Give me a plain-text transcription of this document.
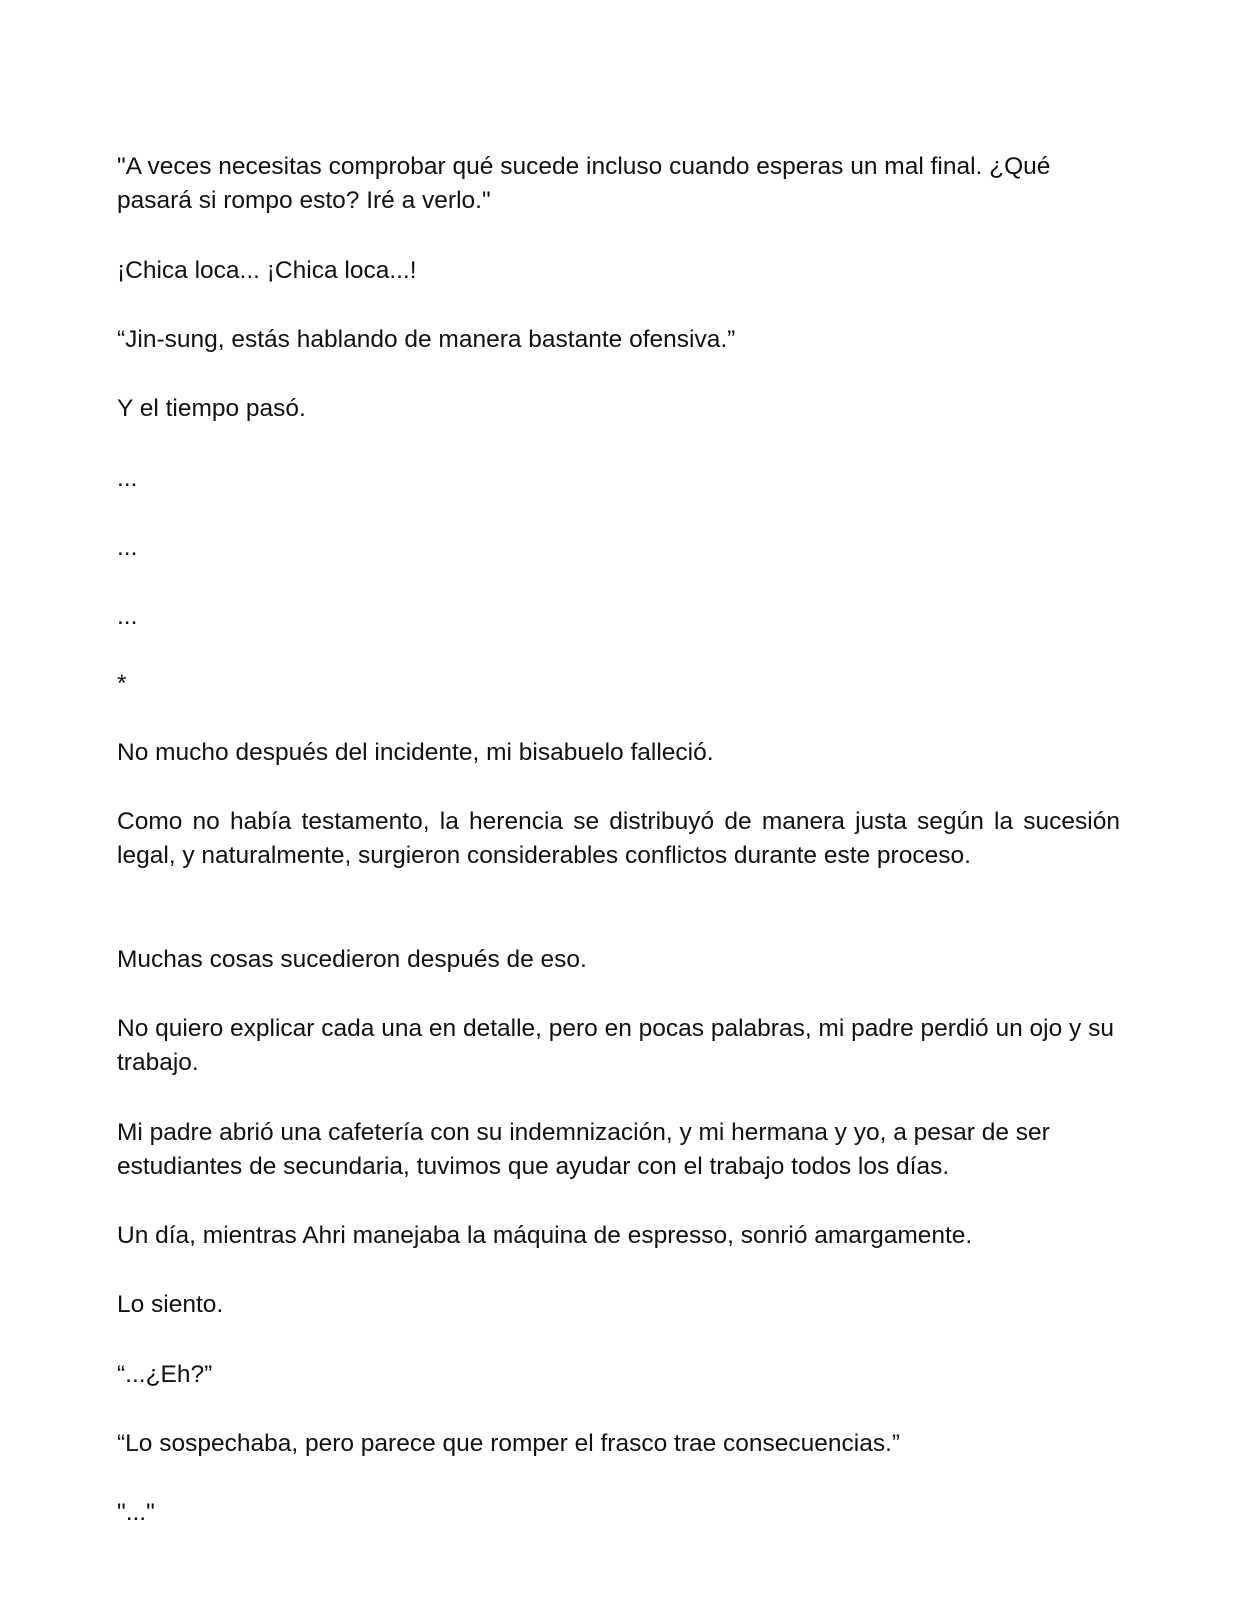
"A veces necesitas comprobar qué sucede incluso cuando esperas un mal final. ¿Qué pasará si rompo esto? Iré a verlo."

¡Chica loca... ¡Chica loca...!

“Jin-sung, estás hablando de manera bastante ofensiva.”

Y el tiempo pasó.

...

...

...

*

No mucho después del incidente, mi bisabuelo falleció.

Como no había testamento, la herencia se distribuyó de manera justa según la sucesión legal, y naturalmente, surgieron considerables conflictos durante este proceso.

Muchas cosas sucedieron después de eso.

No quiero explicar cada una en detalle, pero en pocas palabras, mi padre perdió un ojo y su trabajo.

Mi padre abrió una cafetería con su indemnización, y mi hermana y yo, a pesar de ser estudiantes de secundaria, tuvimos que ayudar con el trabajo todos los días.

Un día, mientras Ahri manejaba la máquina de espresso, sonrió amargamente.

Lo siento.

“...¿Eh?”

“Lo sospechaba, pero parece que romper el frasco trae consecuencias.”

"..."
